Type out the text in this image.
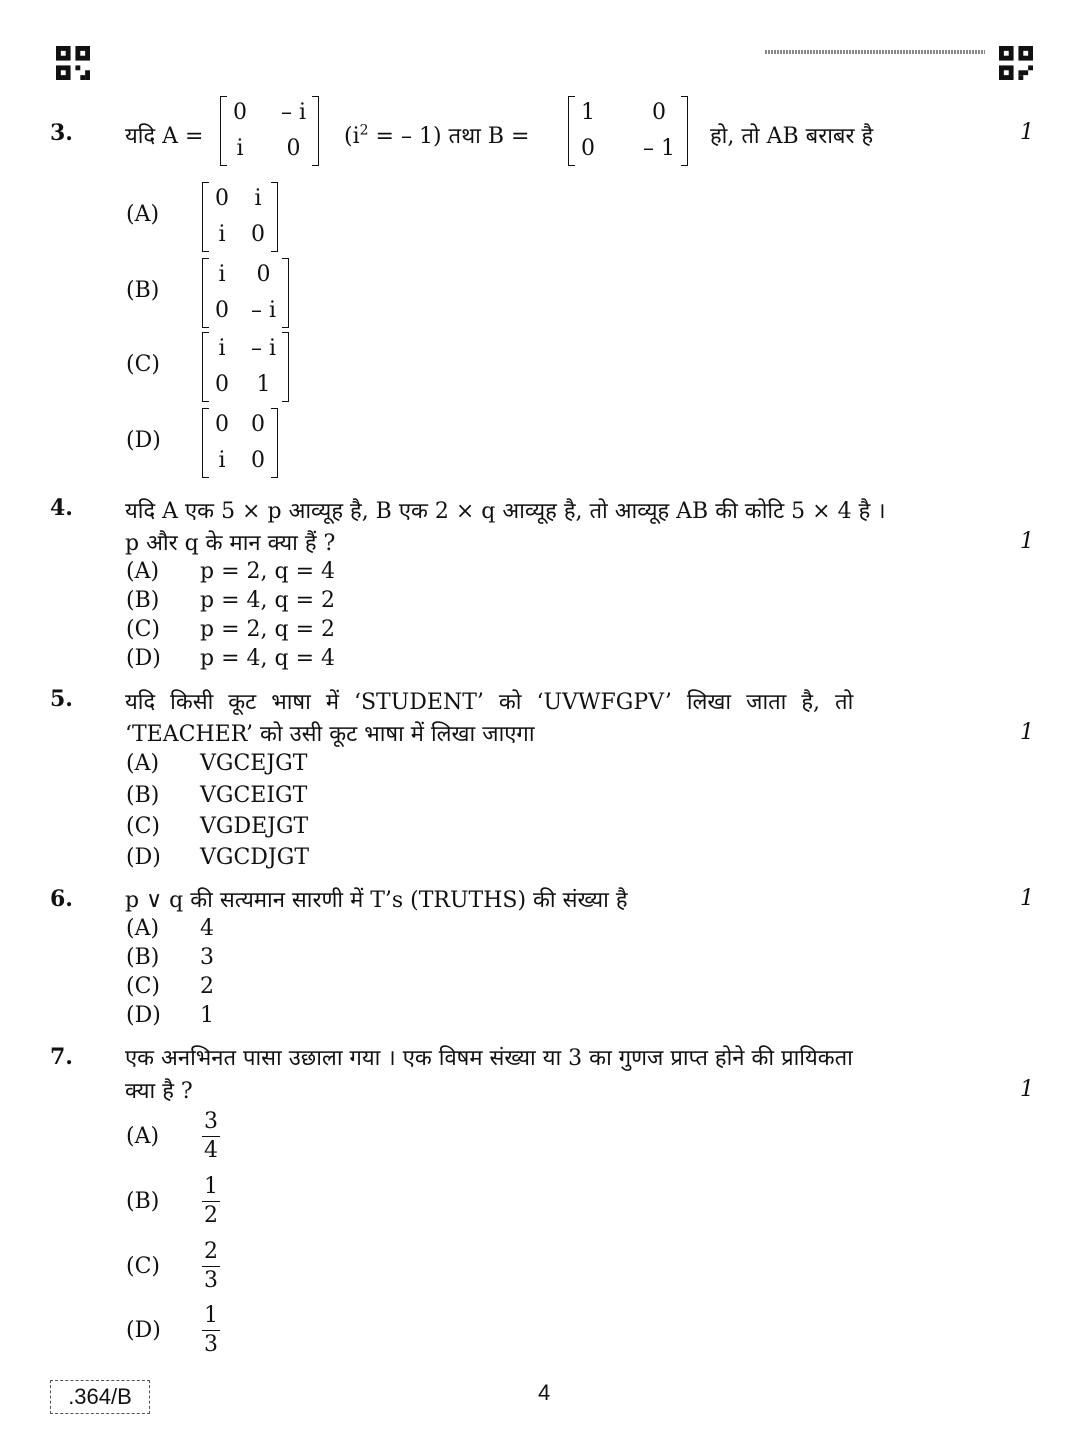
3. यदि A =
0 – i
i 0 ($i^2$ = – 1) तथा B =
1	0
0 – 1 हो, तो AB बराबर है	1
(A)
0 i
i 0
(B)
i 0
0 – i
(C)
i – i
0 1
(D)
0 0
i 0
4. यदि A एक 5 × p आव्यूह है, B एक 2 × q आव्यूह है, तो आव्यूह AB की कोटि 5 × 4 है ।
p और q के मान क्या हैं ?	1
(A) p = 2, q = 4
(B) p = 4, q = 2
(C) p = 2, q = 2
(D) p = 4, q = 4
5. यदि किसी कूट भाषा में ‘STUDENT’ को ‘UVWFGPV’ लिखा जाता है, तो
‘TEACHER’ को उसी कूट भाषा में लिखा जाएगा	1
(A) VGCEJGT
(B) VGCEIGT
(C) VGDEJGT
(D) VGCDJGT
6. p ∨ q की सत्यमान सारणी में T’s (TRUTHS) की संख्या है	1
(A) 4
(B) 3
(C) 2
(D) 1
7. एक अनभिनत पासा उछाला गया । एक विषम संख्या या 3 का गुणज प्राप्त होने की प्रायिकता
क्या है ?	1
(A)
3
4
(B)
1
2
(C)
2
3
(D)
1
3
.364/B	4
